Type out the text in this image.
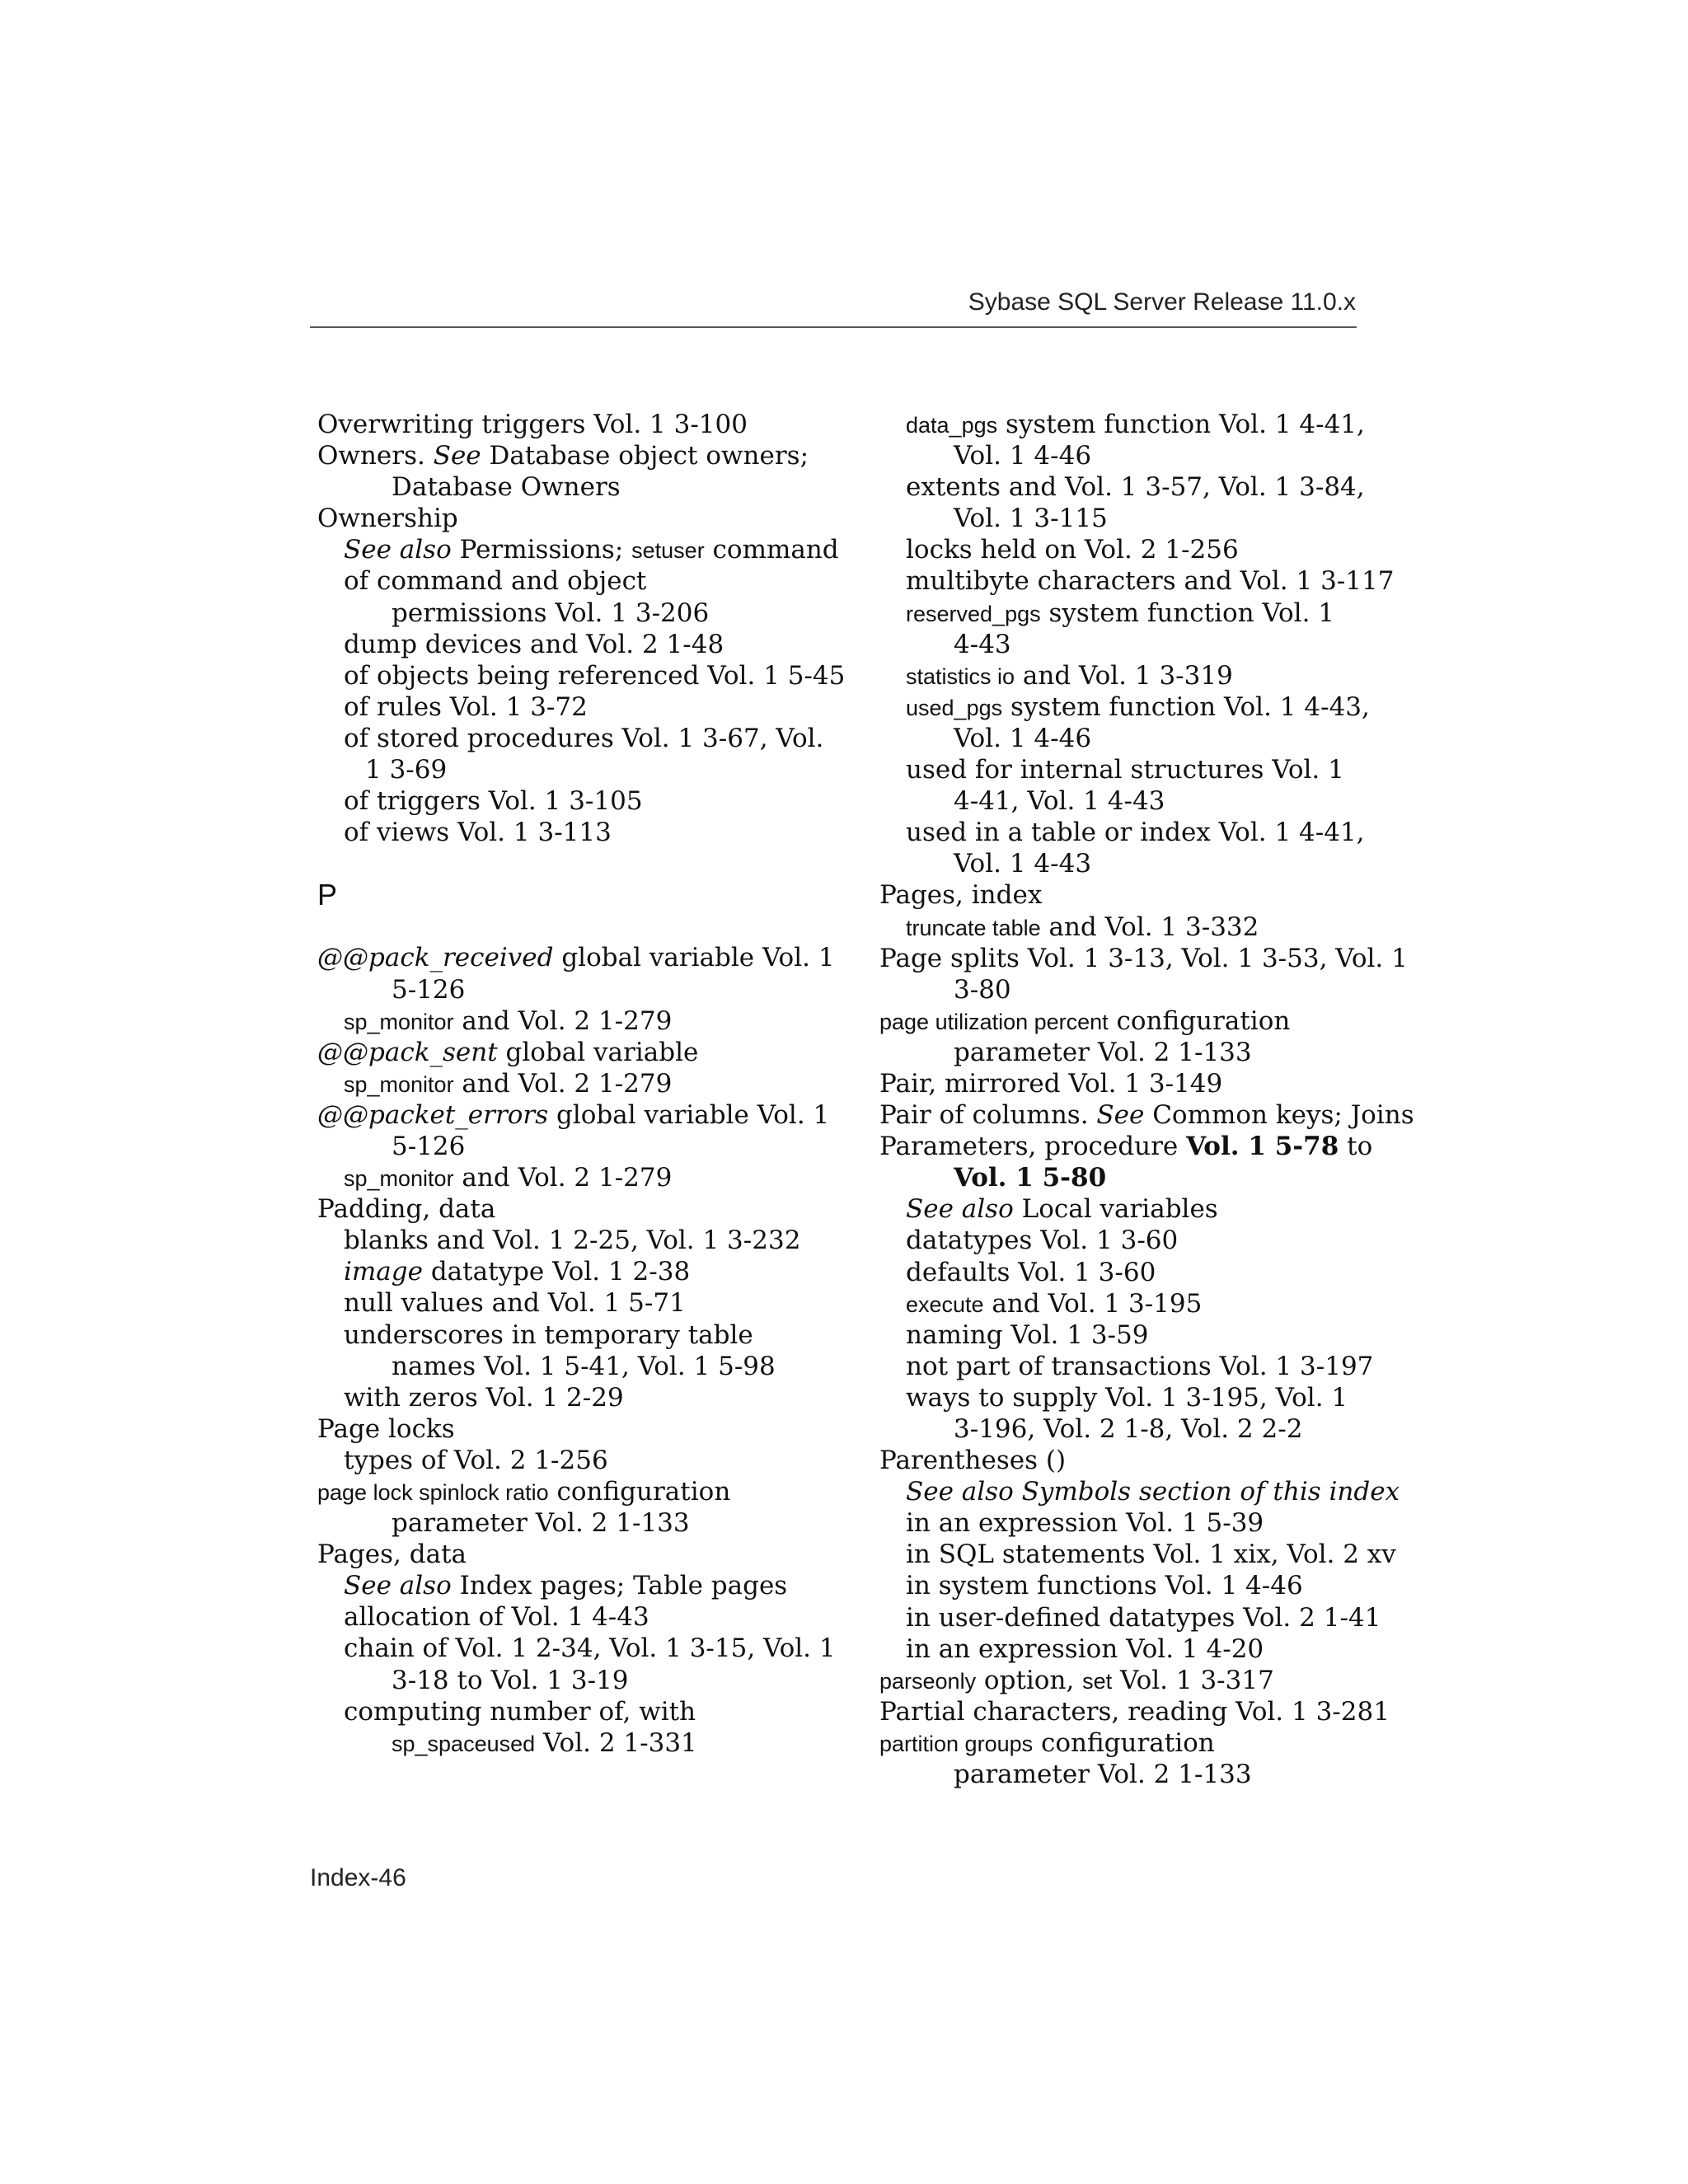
Sybase SQL Server Release 11.0.x
Overwriting triggers Vol. 1 3-100
Owners. See Database object owners;
Database Owners
Ownership
See also Permissions; setuser command
of command and object
permissions Vol. 1 3-206
dump devices and Vol. 2 1-48
of objects being referenced Vol. 1 5-45
of rules Vol. 1 3-72
of stored procedures Vol. 1 3-67, Vol.
1 3-69
of triggers Vol. 1 3-105
of views Vol. 1 3-113
P
@@pack_received global variable Vol. 1
5-126
sp_monitor and Vol. 2 1-279
@@pack_sent global variable
sp_monitor and Vol. 2 1-279
@@packet_errors global variable Vol. 1
5-126
sp_monitor and Vol. 2 1-279
Padding, data
blanks and Vol. 1 2-25, Vol. 1 3-232
image datatype Vol. 1 2-38
null values and Vol. 1 5-71
underscores in temporary table
names Vol. 1 5-41, Vol. 1 5-98
with zeros Vol. 1 2-29
Page locks
types of Vol. 2 1-256
page lock spinlock ratio configuration
parameter Vol. 2 1-133
Pages, data
See also Index pages; Table pages
allocation of Vol. 1 4-43
chain of Vol. 1 2-34, Vol. 1 3-15, Vol. 1
3-18 to Vol. 1 3-19
computing number of, with
sp_spaceused Vol. 2 1-331
data_pgs system function Vol. 1 4-41,
Vol. 1 4-46
extents and Vol. 1 3-57, Vol. 1 3-84,
Vol. 1 3-115
locks held on Vol. 2 1-256
multibyte characters and Vol. 1 3-117
reserved_pgs system function Vol. 1
4-43
statistics io and Vol. 1 3-319
used_pgs system function Vol. 1 4-43,
Vol. 1 4-46
used for internal structures Vol. 1
4-41, Vol. 1 4-43
used in a table or index Vol. 1 4-41,
Vol. 1 4-43
Pages, index
truncate table and Vol. 1 3-332
Page splits Vol. 1 3-13, Vol. 1 3-53, Vol. 1
3-80
page utilization percent configuration
parameter Vol. 2 1-133
Pair, mirrored Vol. 1 3-149
Pair of columns. See Common keys; Joins
Parameters, procedure Vol. 1 5-78 to
Vol. 1 5-80
See also Local variables
datatypes Vol. 1 3-60
defaults Vol. 1 3-60
execute and Vol. 1 3-195
naming Vol. 1 3-59
not part of transactions Vol. 1 3-197
ways to supply Vol. 1 3-195, Vol. 1
3-196, Vol. 2 1-8, Vol. 2 2-2
Parentheses ()
See also Symbols section of this index
in an expression Vol. 1 5-39
in SQL statements Vol. 1 xix, Vol. 2 xv
in system functions Vol. 1 4-46
in user-defined datatypes Vol. 2 1-41
in an expression Vol. 1 4-20
parseonly option, set Vol. 1 3-317
Partial characters, reading Vol. 1 3-281
partition groups configuration
parameter Vol. 2 1-133
Index-46
